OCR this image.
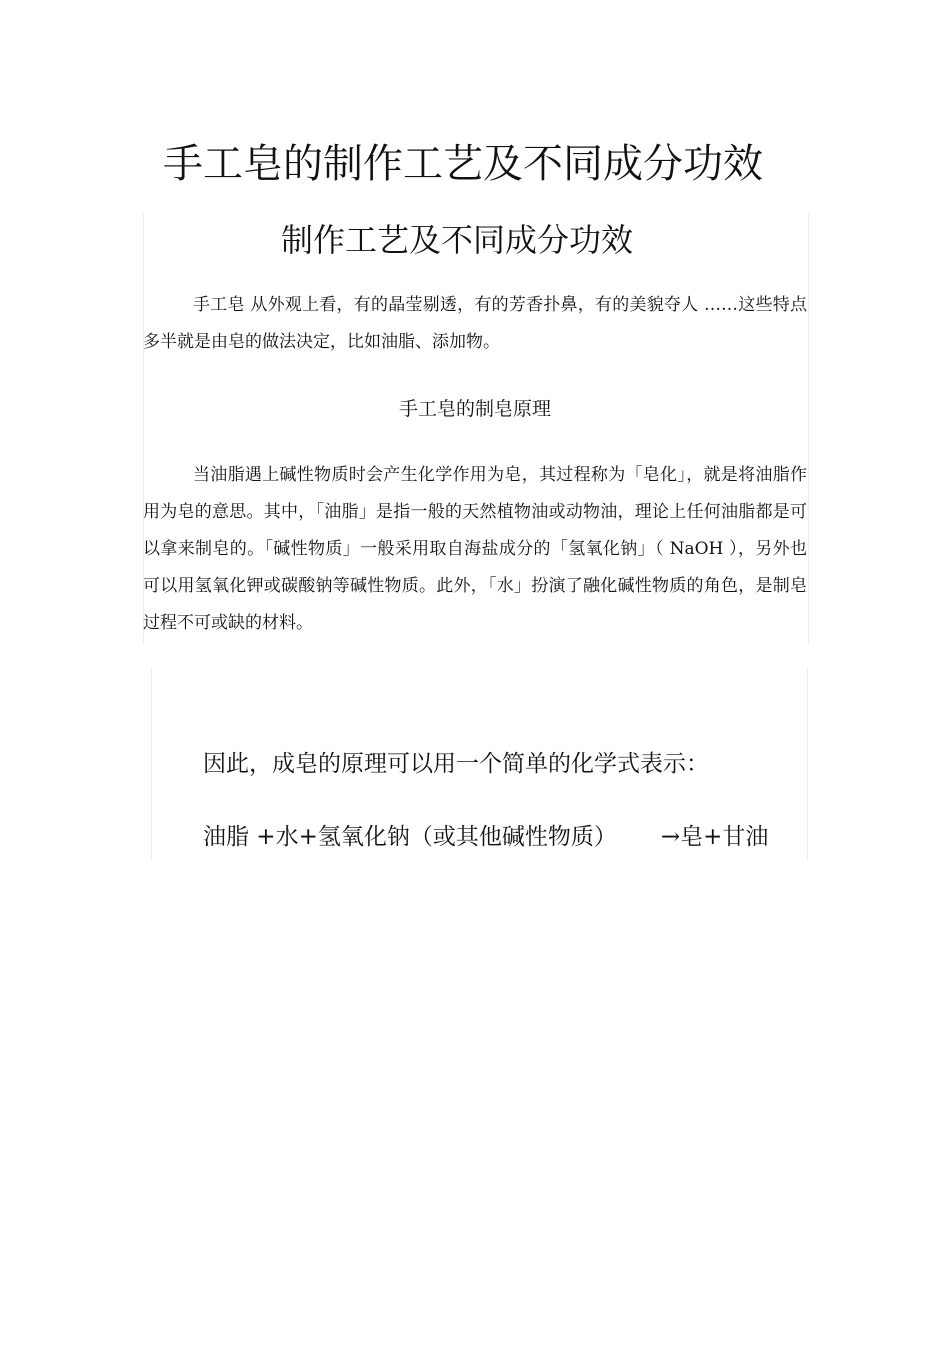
手工皂的制作工艺及不同成分功效
制作工艺及不同成分功效

手工皂 从外观上看，有的晶莹剔透，有的芳香扑鼻，有的美貌夺人 ……这些特点多半就是由皂的做法决定，比如油脂、添加物。

手工皂的制皂原理

当油脂遇上碱性物质时会产生化学作用为皂，其过程称为「皂化」，就是将油脂作用为皂的意思。其中，「油脂」是指一般的天然植物油或动物油，理论上任何油脂都是可以拿来制皂的。「碱性物质」一般采用取自海盐成分的「氢氧化钠」（ NaOH ），另外也可以用氢氧化钾或碳酸钠等碱性物质。此外，「水」扮演了融化碱性物质的角色，是制皂过程不可或缺的材料。

因此，成皂的原理可以用一个简单的化学式表示：

油脂 +水+氢氧化钠（或其他碱性物质） →皂+甘油
